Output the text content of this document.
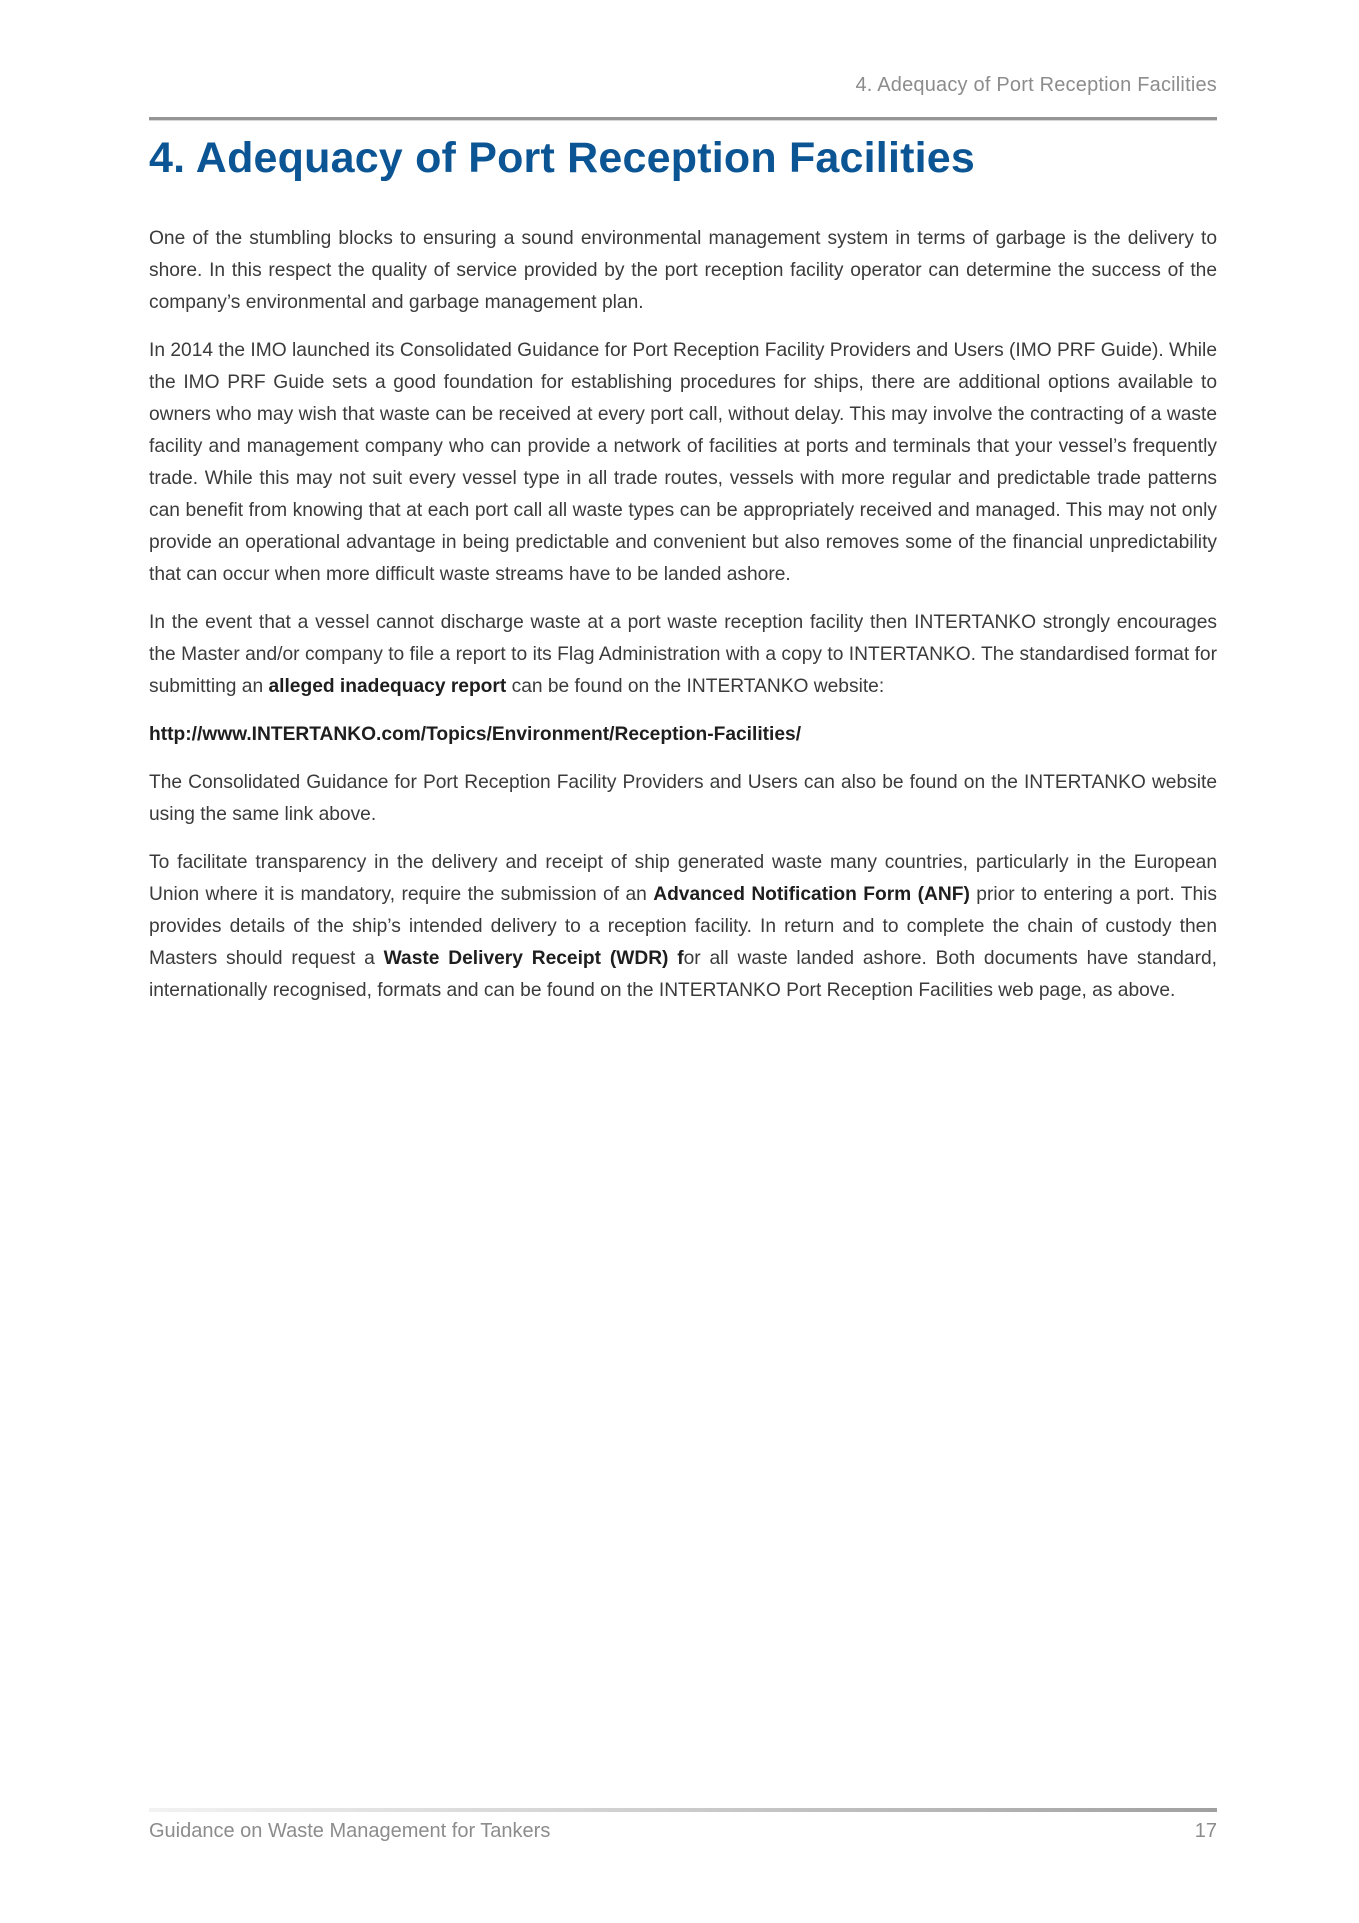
4. Adequacy of Port Reception Facilities
4. Adequacy of Port Reception Facilities

One of the stumbling blocks to ensuring a sound environmental management system in terms of garbage is the delivery to shore. In this respect the quality of service provided by the port reception facility operator can determine the success of the company’s environmental and garbage management plan.

In 2014 the IMO launched its Consolidated Guidance for Port Reception Facility Providers and Users (IMO PRF Guide). While the IMO PRF Guide sets a good foundation for establishing procedures for ships, there are additional options available to owners who may wish that waste can be received at every port call, without delay. This may involve the contracting of a waste facility and management company who can provide a network of facilities at ports and terminals that your vessel’s frequently trade. While this may not suit every vessel type in all trade routes, vessels with more regular and predictable trade patterns can benefit from knowing that at each port call all waste types can be appropriately received and managed. This may not only provide an operational advantage in being predictable and convenient but also removes some of the financial unpredictability that can occur when more difficult waste streams have to be landed ashore.

In the event that a vessel cannot discharge waste at a port waste reception facility then INTERTANKO strongly encourages the Master and/or company to file a report to its Flag Administration with a copy to INTERTANKO. The standardised format for submitting an alleged inadequacy report can be found on the INTERTANKO website:

http://www.INTERTANKO.com/Topics/Environment/Reception-Facilities/

The Consolidated Guidance for Port Reception Facility Providers and Users can also be found on the INTERTANKO website using the same link above.

To facilitate transparency in the delivery and receipt of ship generated waste many countries, particularly in the European Union where it is mandatory, require the submission of an Advanced Notification Form (ANF) prior to entering a port. This provides details of the ship’s intended delivery to a reception facility. In return and to complete the chain of custody then Masters should request a Waste Delivery Receipt (WDR) for all waste landed ashore. Both documents have standard, internationally recognised, formats and can be found on the INTERTANKO Port Reception Facilities web page, as above.

Guidance on Waste Management for Tankers	17
